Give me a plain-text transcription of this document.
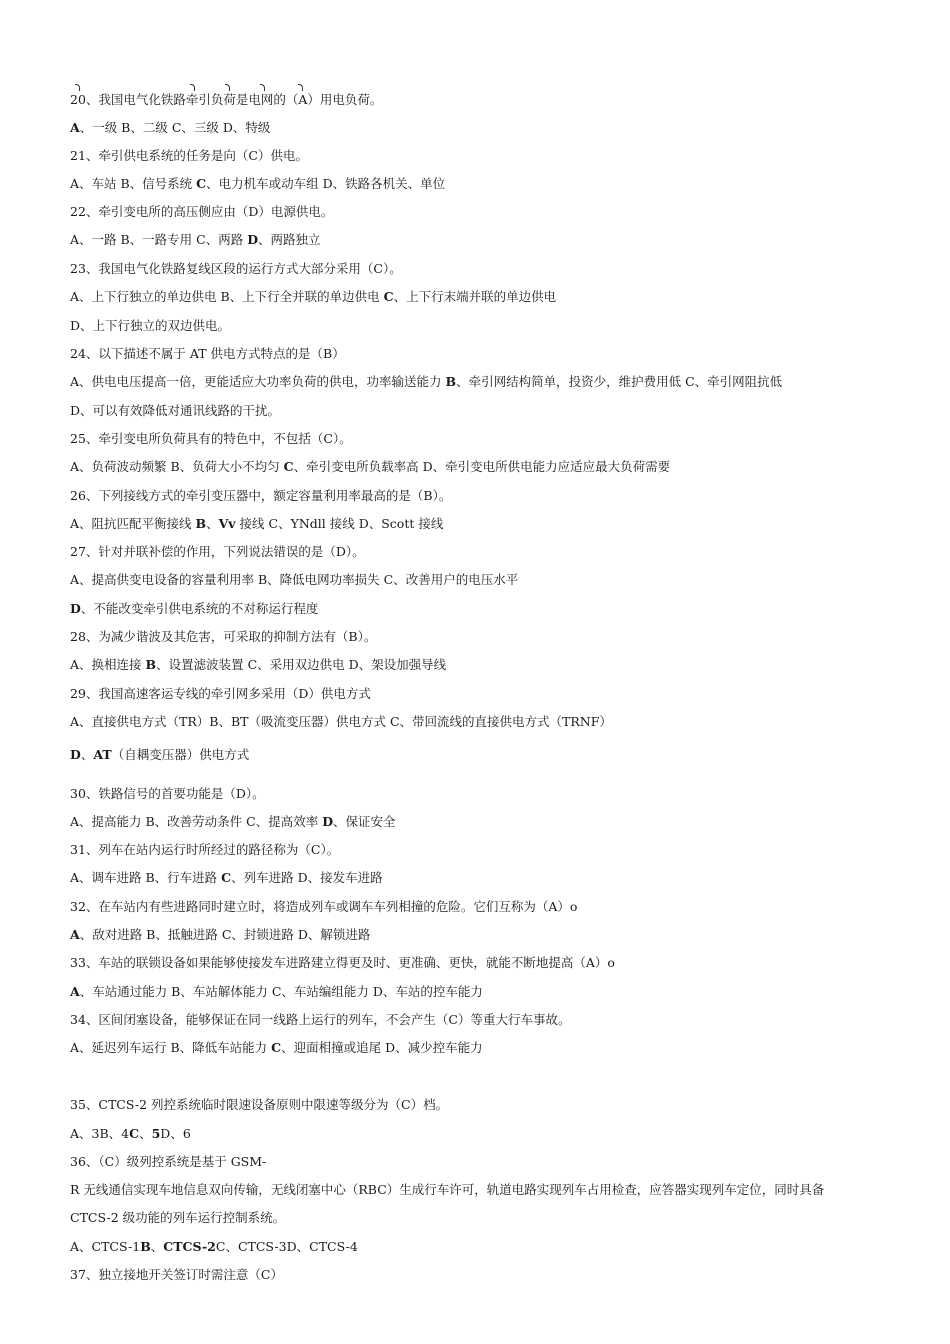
20、我国电气化铁路牵引负荷是电网的（A）用电负荷。
A、一级 B、二级 C、三级 D、特级
21、牵引供电系统的任务是向（C）供电。
A、车站 B、信号系统 C、电力机车或动车组 D、铁路各机关、单位
22、牵引变电所的高压侧应由（D）电源供电。
A、一路 B、一路专用 C、两路 D、两路独立
23、我国电气化铁路复线区段的运行方式大部分采用（C）。
A、上下行独立的单边供电 B、上下行全并联的单边供电 C、上下行末端并联的单边供电
D、上下行独立的双边供电。
24、以下描述不属于 AT 供电方式特点的是（B）
A、供电电压提高一倍，更能适应大功率负荷的供电，功率输送能力 B、牵引网结构简单，投资少，维护费用低 C、牵引网阻抗低
D、可以有效降低对通讯线路的干扰。
25、牵引变电所负荷具有的特色中，不包括（C）。
A、负荷波动频繁 B、负荷大小不均匀 C、牵引变电所负载率高 D、牵引变电所供电能力应适应最大负荷需要
26、下列接线方式的牵引变压器中，额定容量利用率最高的是（B）。
A、阻抗匹配平衡接线 B、Vv 接线 C、YNdll 接线 D、Scott 接线
27、针对并联补偿的作用，下列说法错误的是（D）。
A、提高供变电设备的容量利用率 B、降低电网功率损失 C、改善用户的电压水平
D、不能改变牵引供电系统的不对称运行程度
28、为减少谐波及其危害，可采取的抑制方法有（B）。
A、换相连接 B、设置滤波装置 C、采用双边供电 D、架设加强导线
29、我国高速客运专线的牵引网多采用（D）供电方式
A、直接供电方式（TR）B、BT（吸流变压器）供电方式 C、带回流线的直接供电方式（TRNF）
D、AT（自耦变压器）供电方式
30、铁路信号的首要功能是（D）。
A、提高能力 B、改善劳动条件 C、提高效率 D、保证安全
31、列车在站内运行时所经过的路径称为（C）。
A、调车进路 B、行车进路 C、列车进路 D、接发车进路
32、在车站内有些进路同时建立时，将造成列车或调车车列相撞的危险。它们互称为（A）o
A、敌对进路 B、抵触进路 C、封锁进路 D、解锁进路
33、车站的联锁设备如果能够使接发车进路建立得更及时、更准确、更快，就能不断地提高（A）o
A、车站通过能力 B、车站解体能力 C、车站编组能力 D、车站的控车能力
34、区间闭塞设备，能够保证在同一线路上运行的列车，不会产生（C）等重大行车事故。
A、延迟列车运行 B、降低车站能力 C、迎面相撞或追尾 D、减少控车能力
35、CTCS-2 列控系统临时限速设备原则中限速等级分为（C）档。
A、3B、4C、5D、6
36、（C）级列控系统是基于 GSM-
R 无线通信实现车地信息双向传输，无线闭塞中心（RBC）生成行车许可，轨道电路实现列车占用检查，应答器实现列车定位，同时具备
CTCS-2 级功能的列车运行控制系统。
A、CTCS-1B、CTCS-2C、CTCS-3D、CTCS-4
37、独立接地开关签订时需注意（C）
